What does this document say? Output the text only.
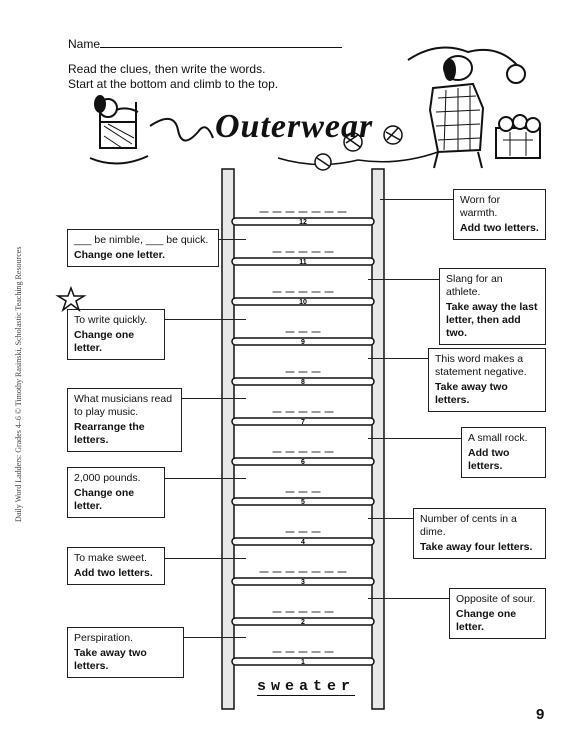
Name
Read the clues, then write the words.
Start at the bottom and climb to the top.
Daily Word Ladders: Grades 4–6 © Timothy Rasinski, Scholastic Teaching Resources
Outerwear
12
11
10
9
8
7
6
5
4
3
2
1
Worn for warmth.
Add two letters.
___ be nimble, ___ be quick.
Change one letter.
Slang for an athlete.
Take away the last letter, then add two.
To write quickly.
Change one letter.
This word makes a statement negative.
Take away two letters.
What musicians read to play music.
Rearrange the letters.	A small rock.
Add two letters.
2,000 pounds.
Change one letter.
Number of cents in a dime.
Take away four letters.
To make sweet.
Add two letters.
Opposite of sour.
Change one letter.
Perspiration.
Take away two letters.
sweater
9
